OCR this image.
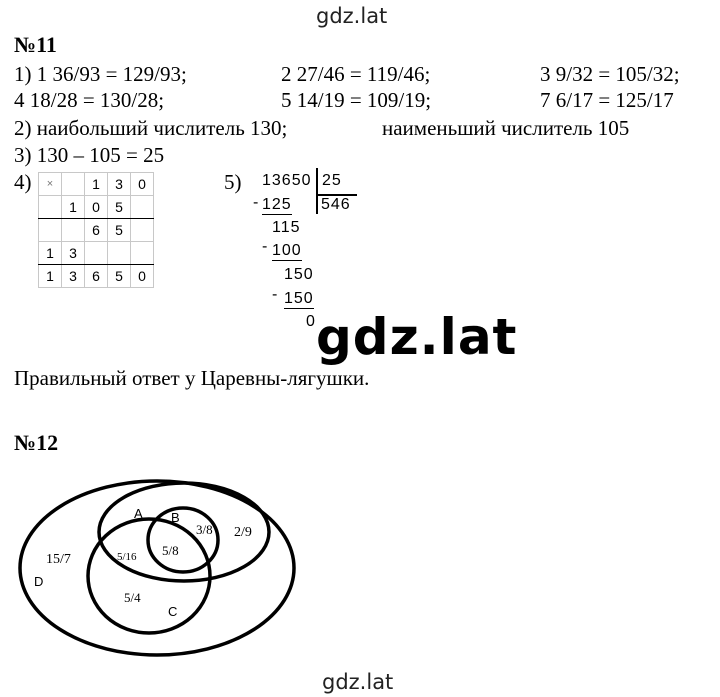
gdz.lat
№11
1) 1 36/93 = 129/93;	2 27/46 = 119/46;	3 9/32 = 105/32;
4 18/28 = 130/28;	5 14/19 = 109/19;	7 6/17 = 125/17
2) наибольший числитель 130;	наименьший числитель 105
3) 130 – 105 = 25
4) ×		1	3	0
	1	0	5	
		6	5	
1	3			
1	3	6	5	0
5) 13650 25
546
- 125
115
- 100
150
- 150
0 gdz.lat
Правильный ответ у Царевны-лягушки.
№12
A B
C
D
15/7
3/8 2/9
5/16 5/8
5/4
gdz.lat
